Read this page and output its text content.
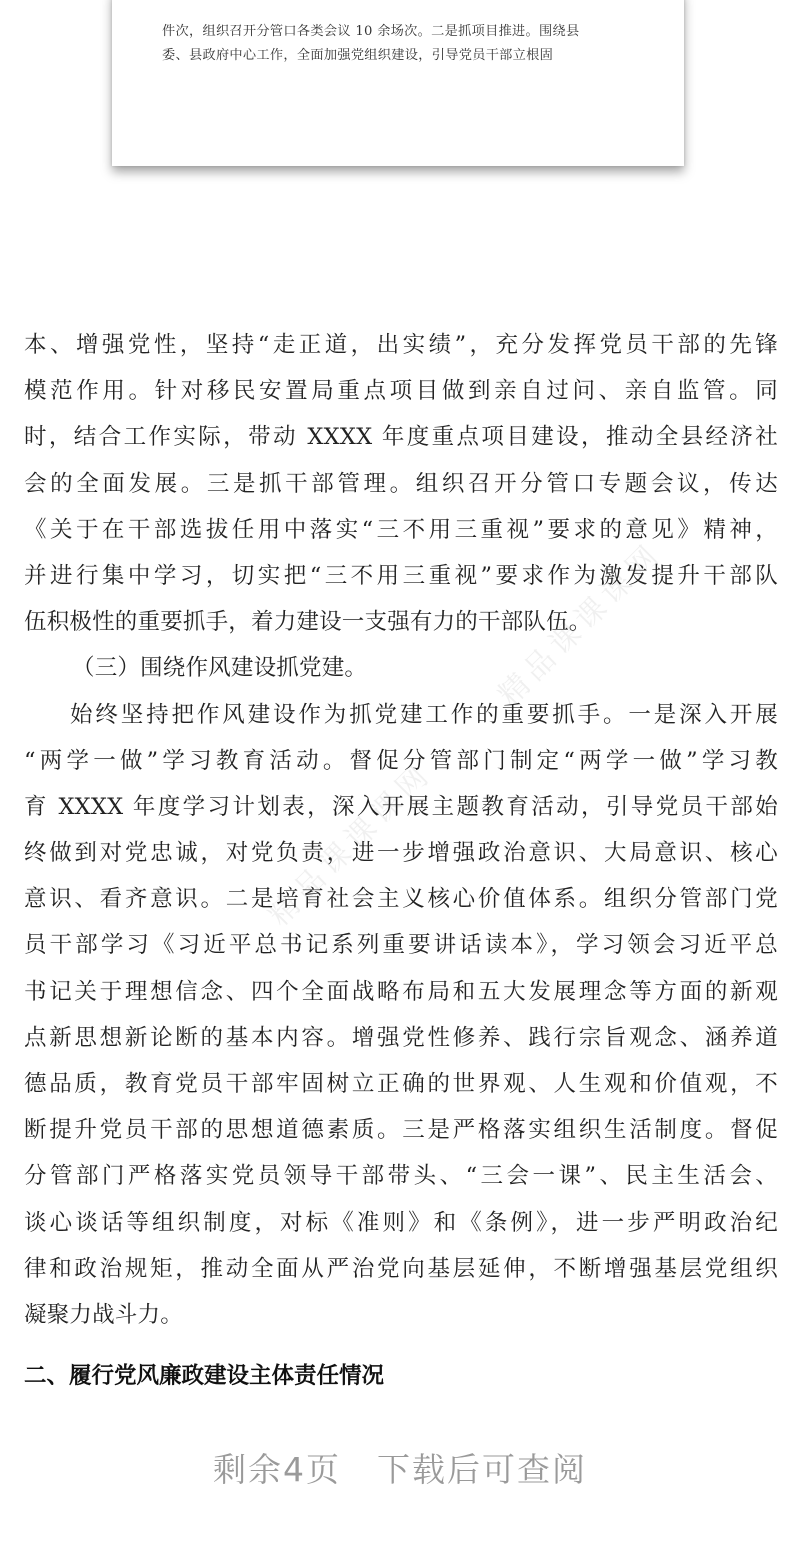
件次，组织召开分管口各类会议 10 余场次。二是抓项目推进。围绕县
委、县政府中心工作，全面加强党组织建设，引导党员干部立根固
精品课课课网
精品课课课网
本、增强党性，坚持“走正道，出实绩”，充分发挥党员干部的先锋
模范作用。针对移民安置局重点项目做到亲自过问、亲自监管。同
时，结合工作实际，带动 XXXX 年度重点项目建设，推动全县经济社
会的全面发展。三是抓干部管理。组织召开分管口专题会议，传达
《关于在干部选拔任用中落实“三不用三重视”要求的意见》精神，
并进行集中学习，切实把“三不用三重视”要求作为激发提升干部队
伍积极性的重要抓手，着力建设一支强有力的干部队伍。
（三）围绕作风建设抓党建。
始终坚持把作风建设作为抓党建工作的重要抓手。一是深入开展
“两学一做”学习教育活动。督促分管部门制定“两学一做”学习教
育 XXXX 年度学习计划表，深入开展主题教育活动，引导党员干部始
终做到对党忠诚，对党负责，进一步增强政治意识、大局意识、核心
意识、看齐意识。二是培育社会主义核心价值体系。组织分管部门党
员干部学习《习近平总书记系列重要讲话读本》，学习领会习近平总
书记关于理想信念、四个全面战略布局和五大发展理念等方面的新观
点新思想新论断的基本内容。增强党性修养、践行宗旨观念、涵养道
德品质，教育党员干部牢固树立正确的世界观、人生观和价值观，不
断提升党员干部的思想道德素质。三是严格落实组织生活制度。督促
分管部门严格落实党员领导干部带头、“三会一课”、民主生活会、
谈心谈话等组织制度，对标《准则》和《条例》，进一步严明政治纪
律和政治规矩，推动全面从严治党向基层延伸，不断增强基层党组织
凝聚力战斗力。
二、履行党风廉政建设主体责任情况
剩余4页 下载后可查阅
